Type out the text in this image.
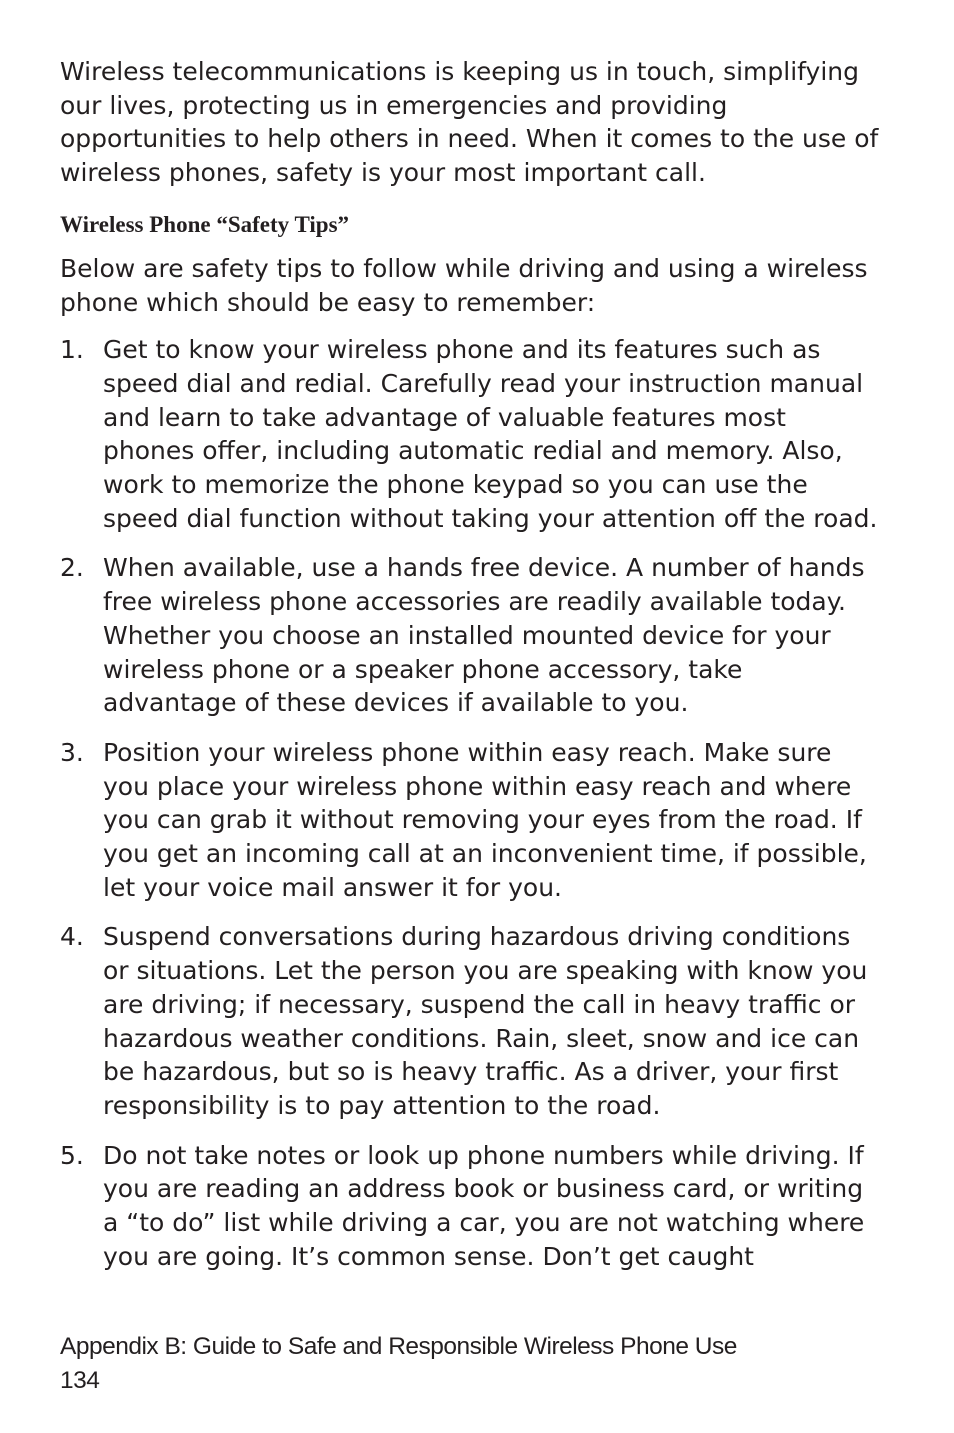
Wireless telecommunications is keeping us in touch, simplifying our lives, protecting us in emergencies and providing opportunities to help others in need. When it comes to the use of wireless phones, safety is your most important call.

Wireless Phone “Safety Tips”

Below are safety tips to follow while driving and using a wireless phone which should be easy to remember:

1. Get to know your wireless phone and its features such as speed dial and redial. Carefully read your instruction manual and learn to take advantage of valuable features most phones offer, including automatic redial and memory. Also, work to memorize the phone keypad so you can use the speed dial function without taking your attention off the road.
2. When available, use a hands free device. A number of hands free wireless phone accessories are readily available today. Whether you choose an installed mounted device for your wireless phone or a speaker phone accessory, take advantage of these devices if available to you.
3. Position your wireless phone within easy reach. Make sure you place your wireless phone within easy reach and where you can grab it without removing your eyes from the road. If you get an incoming call at an inconvenient time, if possible, let your voice mail answer it for you.
4. Suspend conversations during hazardous driving conditions or situations. Let the person you are speaking with know you are driving; if necessary, suspend the call in heavy traffic or hazardous weather conditions. Rain, sleet, snow and ice can be hazardous, but so is heavy traffic. As a driver, your first responsibility is to pay attention to the road.
5. Do not take notes or look up phone numbers while driving. If you are reading an address book or business card, or writing a “to do” list while driving a car, you are not watching where you are going. It’s common sense. Don’t get caught
Appendix B: Guide to Safe and Responsible Wireless Phone Use
134
